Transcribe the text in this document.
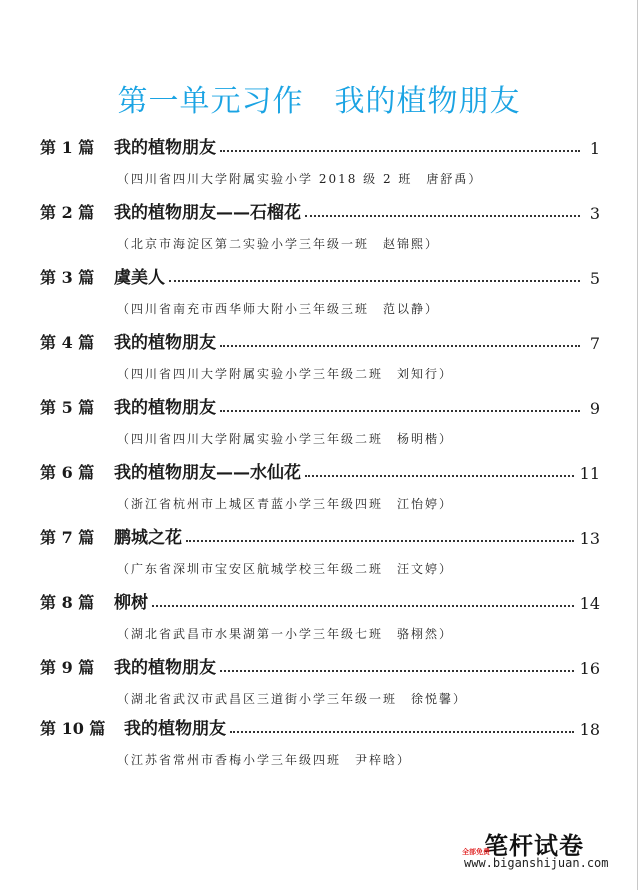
第一单元习作　我的植物朋友
第 1 篇	我的植物朋友	1
（四川省四川大学附属实验小学 2018 级 2 班　唐舒禹）
第 2 篇	我的植物朋友——石榴花	3
（北京市海淀区第二实验小学三年级一班　赵锦熙）
第 3 篇	虞美人	5
（四川省南充市西华师大附小三年级三班　范以静）
第 4 篇	我的植物朋友	7
（四川省四川大学附属实验小学三年级二班　刘知行）
第 5 篇	我的植物朋友	9
（四川省四川大学附属实验小学三年级二班　杨明楷）
第 6 篇	我的植物朋友——水仙花	11
（浙江省杭州市上城区青蓝小学三年级四班　江怡婷）
第 7 篇	鹏城之花	13
（广东省深圳市宝安区航城学校三年级二班　汪文婷）
第 8 篇	柳树	14
（湖北省武昌市水果湖第一小学三年级七班　骆栩然）
第 9 篇	我的植物朋友	16
（湖北省武汉市武昌区三道街小学三年级一班　徐悦馨）
第 10 篇	我的植物朋友	18
（江苏省常州市香梅小学三年级四班　尹梓晗）
笔杆试卷
全部免费
www.biganshijuan.com
